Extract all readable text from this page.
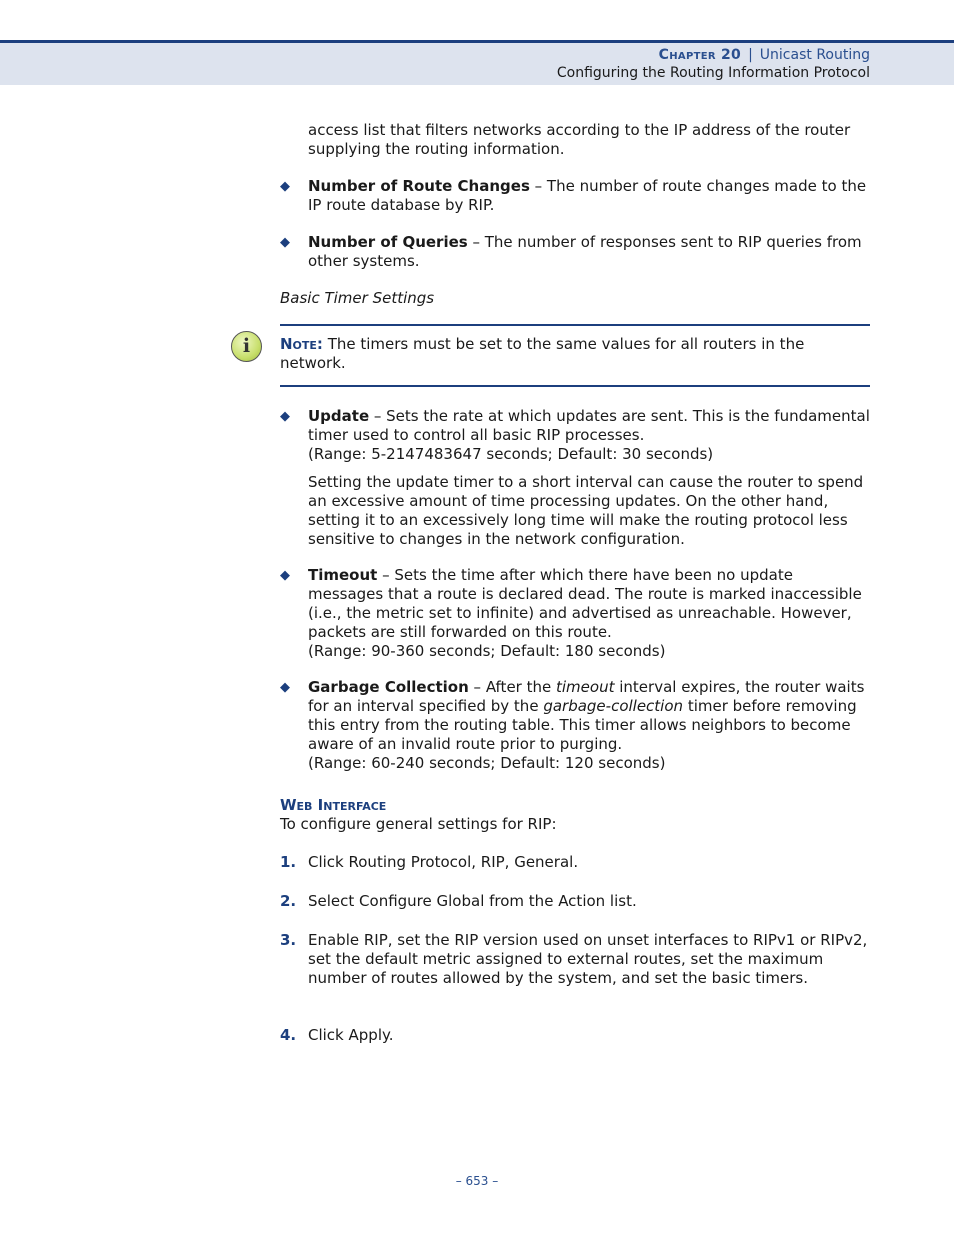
Chapter 20 | Unicast Routing
Configuring the Routing Information Protocol

access list that filters networks according to the IP address of the router supplying the routing information.

◆ Number of Route Changes – The number of route changes made to the IP route database by RIP.
◆ Number of Queries – The number of responses sent to RIP queries from other systems.
Basic Timer Settings
i	Note: The timers must be set to the same values for all routers in the network.
◆ Update – Sets the rate at which updates are sent. This is the fundamental timer used to control all basic RIP processes.
(Range: 5-2147483647 seconds; Default: 30 seconds)

Setting the update timer to a short interval can cause the router to spend an excessive amount of time processing updates. On the other hand, setting it to an excessively long time will make the routing protocol less sensitive to changes in the network configuration.

◆ Timeout – Sets the time after which there have been no update messages that a route is declared dead. The route is marked inaccessible (i.e., the metric set to infinite) and advertised as unreachable. However, packets are still forwarded on this route.
(Range: 90-360 seconds; Default: 180 seconds)
◆ Garbage Collection – After the timeout interval expires, the router waits for an interval specified by the garbage-collection timer before removing this entry from the routing table. This timer allows neighbors to become aware of an invalid route prior to purging.
(Range: 60-240 seconds; Default: 120 seconds)
Web Interface
To configure general settings for RIP:
1. Click Routing Protocol, RIP, General.
2. Select Configure Global from the Action list.
3. Enable RIP, set the RIP version used on unset interfaces to RIPv1 or RIPv2, set the default metric assigned to external routes, set the maximum number of routes allowed by the system, and set the basic timers.
4. Click Apply.
– 653 –
